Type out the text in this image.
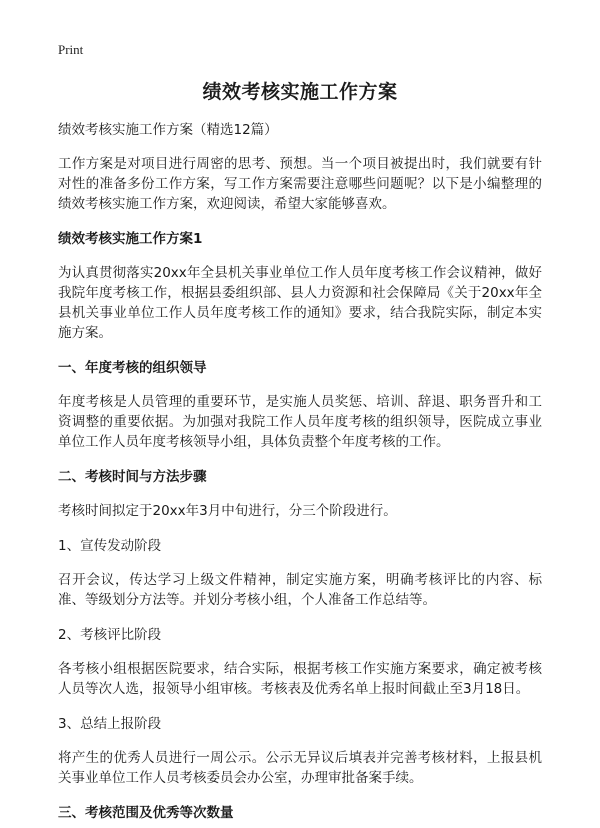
Print

绩效考核实施工作方案

绩效考核实施工作方案（精选12篇）

工作方案是对项目进行周密的思考、预想。当一个项目被提出时，我们就要有针对性的准备多份工作方案，写工作方案需要注意哪些问题呢？以下是小编整理的绩效考核实施工作方案，欢迎阅读，希望大家能够喜欢。

绩效考核实施工作方案1

为认真贯彻落实20xx年全县机关事业单位工作人员年度考核工作会议精神，做好我院年度考核工作，根据县委组织部、县人力资源和社会保障局《关于20xx年全县机关事业单位工作人员年度考核工作的通知》要求，结合我院实际，制定本实施方案。

一、年度考核的组织领导

年度考核是人员管理的重要环节，是实施人员奖惩、培训、辞退、职务晋升和工资调整的重要依据。为加强对我院工作人员年度考核的组织领导，医院成立事业单位工作人员年度考核领导小组，具体负责整个年度考核的工作。

二、考核时间与方法步骤

考核时间拟定于20xx年3月中旬进行，分三个阶段进行。

1、宣传发动阶段

召开会议，传达学习上级文件精神，制定实施方案，明确考核评比的内容、标准、等级划分方法等。并划分考核小组，个人准备工作总结等。

2、考核评比阶段

各考核小组根据医院要求，结合实际，根据考核工作实施方案要求，确定被考核人员等次人选，报领导小组审核。考核表及优秀名单上报时间截止至3月18日。

3、总结上报阶段

将产生的优秀人员进行一周公示。公示无异议后填表并完善考核材料，上报县机关事业单位工作人员考核委员会办公室，办理审批备案手续。

三、考核范围及优秀等次数量
